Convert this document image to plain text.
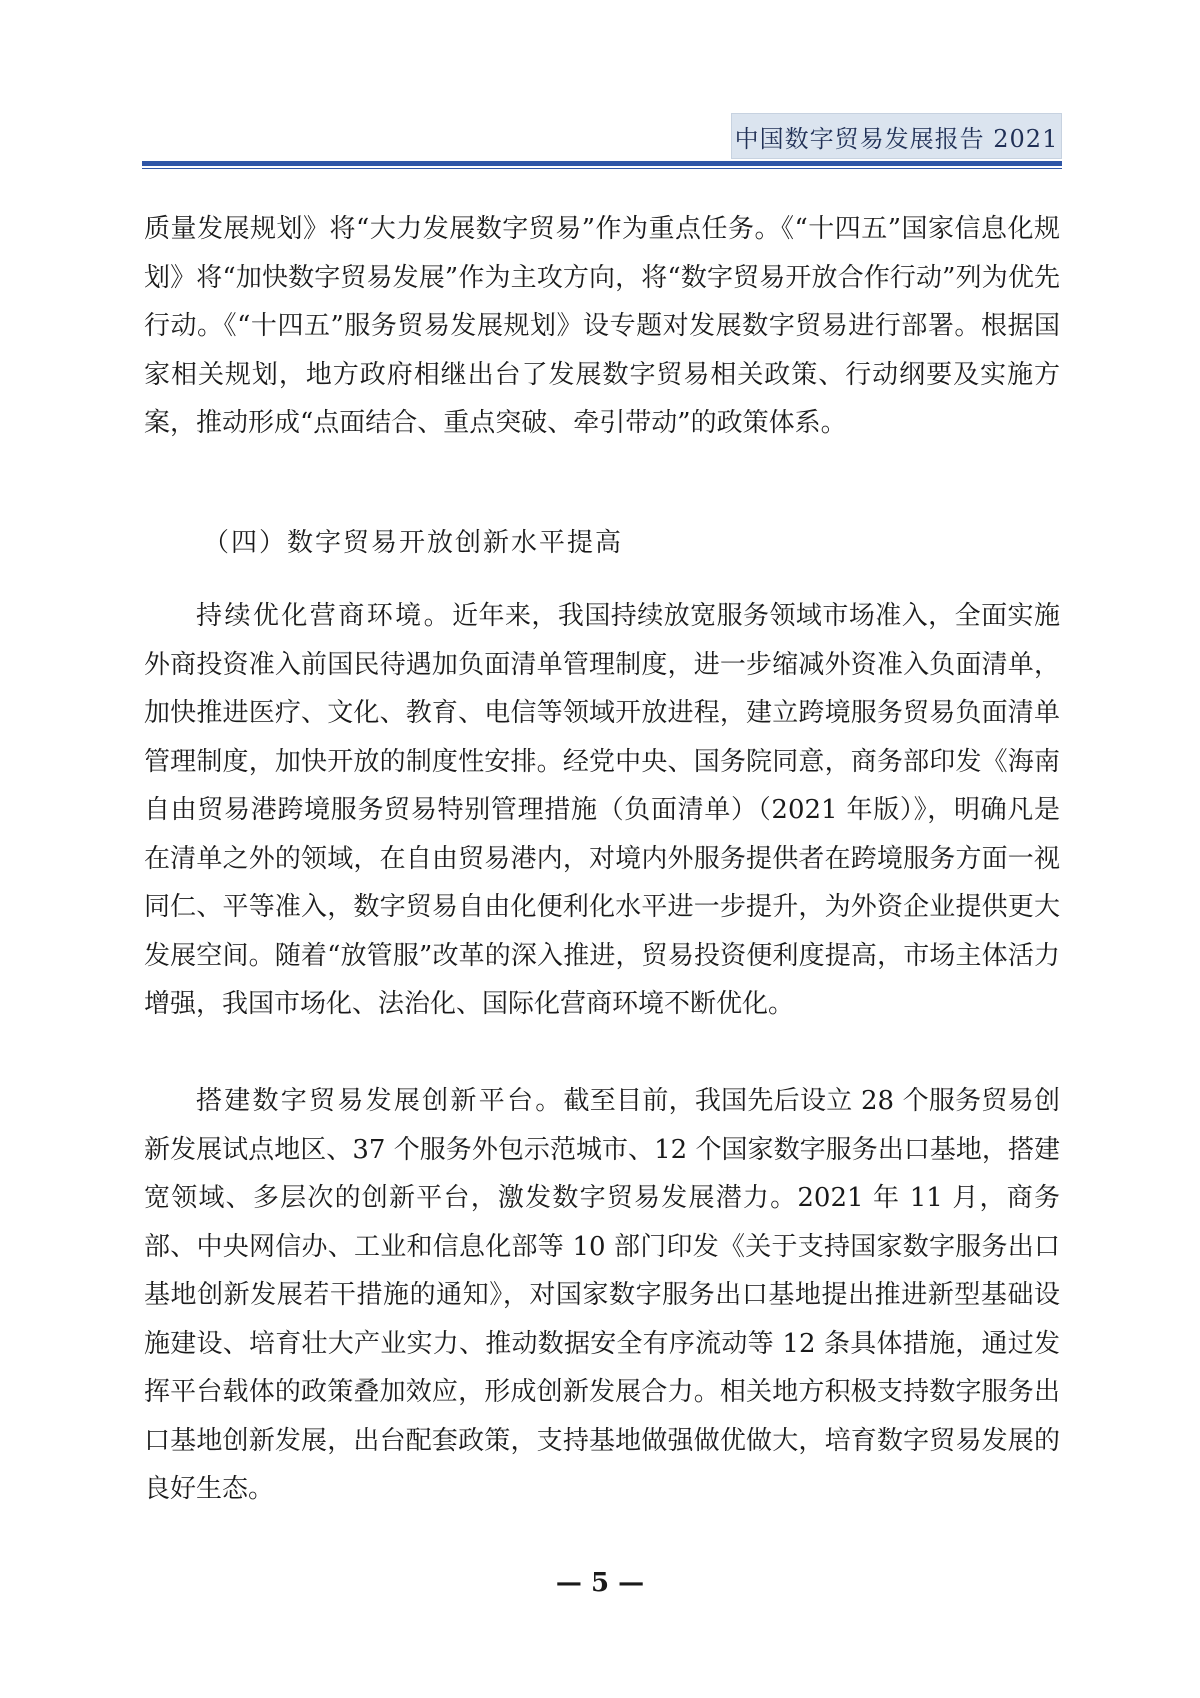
中国数字贸易发展报告 2021

质量发展规划》将“大力发展数字贸易”作为重点任务。《“十四五”国家信息化规划》将“加快数字贸易发展”作为主攻方向，将“数字贸易开放合作行动”列为优先行动。《“十四五”服务贸易发展规划》设专题对发展数字贸易进行部署。根据国家相关规划，地方政府相继出台了发展数字贸易相关政策、行动纲要及实施方案，推动形成“点面结合、重点突破、牵引带动”的政策体系。

（四）数字贸易开放创新水平提高

持续优化营商环境。近年来，我国持续放宽服务领域市场准入，全面实施外商投资准入前国民待遇加负面清单管理制度，进一步缩减外资准入负面清单，加快推进医疗、文化、教育、电信等领域开放进程，建立跨境服务贸易负面清单管理制度，加快开放的制度性安排。经党中央、国务院同意，商务部印发《海南自由贸易港跨境服务贸易特别管理措施（负面清单）（2021 年版）》，明确凡是在清单之外的领域，在自由贸易港内，对境内外服务提供者在跨境服务方面一视同仁、平等准入，数字贸易自由化便利化水平进一步提升，为外资企业提供更大发展空间。随着“放管服”改革的深入推进，贸易投资便利度提高，市场主体活力增强，我国市场化、法治化、国际化营商环境不断优化。

搭建数字贸易发展创新平台。截至目前，我国先后设立 28 个服务贸易创新发展试点地区、37 个服务外包示范城市、12 个国家数字服务出口基地，搭建宽领域、多层次的创新平台，激发数字贸易发展潜力。2021 年 11 月，商务部、中央网信办、工业和信息化部等 10 部门印发《关于支持国家数字服务出口基地创新发展若干措施的通知》，对国家数字服务出口基地提出推进新型基础设施建设、培育壮大产业实力、推动数据安全有序流动等 12 条具体措施，通过发挥平台载体的政策叠加效应，形成创新发展合力。相关地方积极支持数字服务出口基地创新发展，出台配套政策，支持基地做强做优做大，培育数字贸易发展的良好生态。

— 5 —
